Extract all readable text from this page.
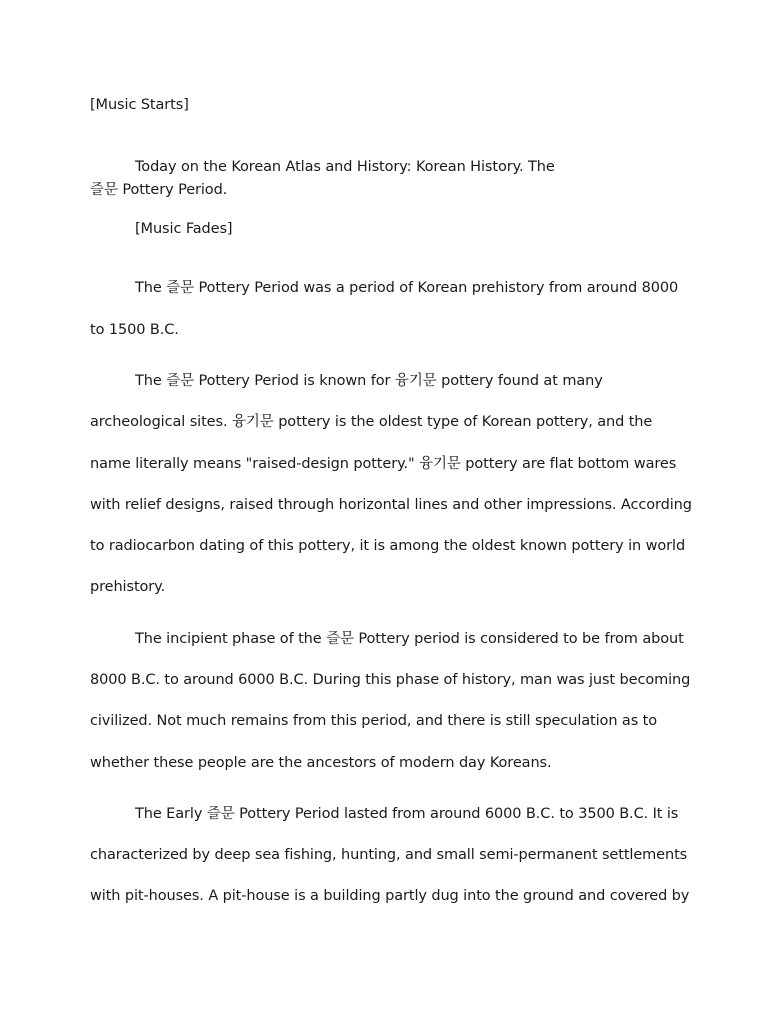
[Music Starts]
Today on the Korean Atlas and History: Korean History. The
즐문 Pottery Period.
[Music Fades]
The 즐문 Pottery Period was a period of Korean prehistory from around 8000
to 1500 B.C.
The 즐문 Pottery Period is known for 융기문 pottery found at many
archeological sites. 융기문 pottery is the oldest type of Korean pottery, and the
name literally means "raised-design pottery." 융기문 pottery are flat bottom wares
with relief designs, raised through horizontal lines and other impressions. According
to radiocarbon dating of this pottery, it is among the oldest known pottery in world
prehistory.
The incipient phase of the 즐문 Pottery period is considered to be from about
8000 B.C. to around 6000 B.C. During this phase of history, man was just becoming
civilized. Not much remains from this period, and there is still speculation as to
whether these people are the ancestors of modern day Koreans.
The Early 즐문 Pottery Period lasted from around 6000 B.C. to 3500 B.C. It is
characterized by deep sea fishing, hunting, and small semi-permanent settlements
with pit-houses. A pit-house is a building partly dug into the ground and covered by
